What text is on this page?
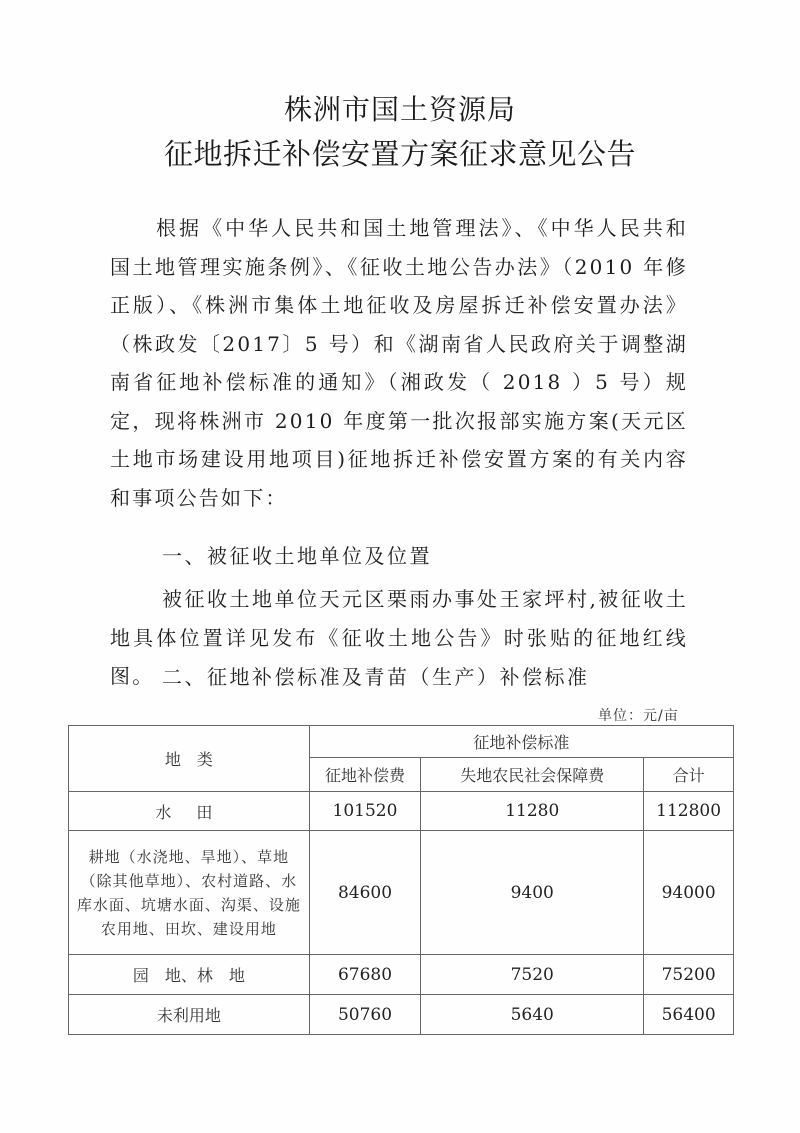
株洲市国土资源局
征地拆迁补偿安置方案征求意见公告

根据《中华人民共和国土地管理法》、《中华人民共和国土地管理实施条例》、《征收土地公告办法》（2010 年修正版）、《株洲市集体土地征收及房屋拆迁补偿安置办法》（株政发〔2017〕5 号）和《湖南省人民政府关于调整湖南省征地补偿标准的通知》（湘政发（ 2018 ）5 号）规定，现将株洲市 2010 年度第一批次报部实施方案(天元区土地市场建设用地项目)征地拆迁补偿安置方案的有关内容和事项公告如下：

一、被征收土地单位及位置

被征收土地单位天元区栗雨办事处王家坪村,被征收土地具体位置详见发布《征收土地公告》时张贴的征地红线图。 二、征地补偿标准及青苗（生产）补偿标准
单位：元/亩
地　类	征地补偿标准		
	征地补偿费	失地农民社会保障费	合计
水 田	101520	11280	112800
耕地（水浇地、旱地）、草地（除其他草地）、农村道路、水库水面、坑塘水面、沟渠、设施农用地、田坎、建设用地	84600	9400	94000
园　地、林　地	67680	7520	75200
未利用地	50760	5640	56400
